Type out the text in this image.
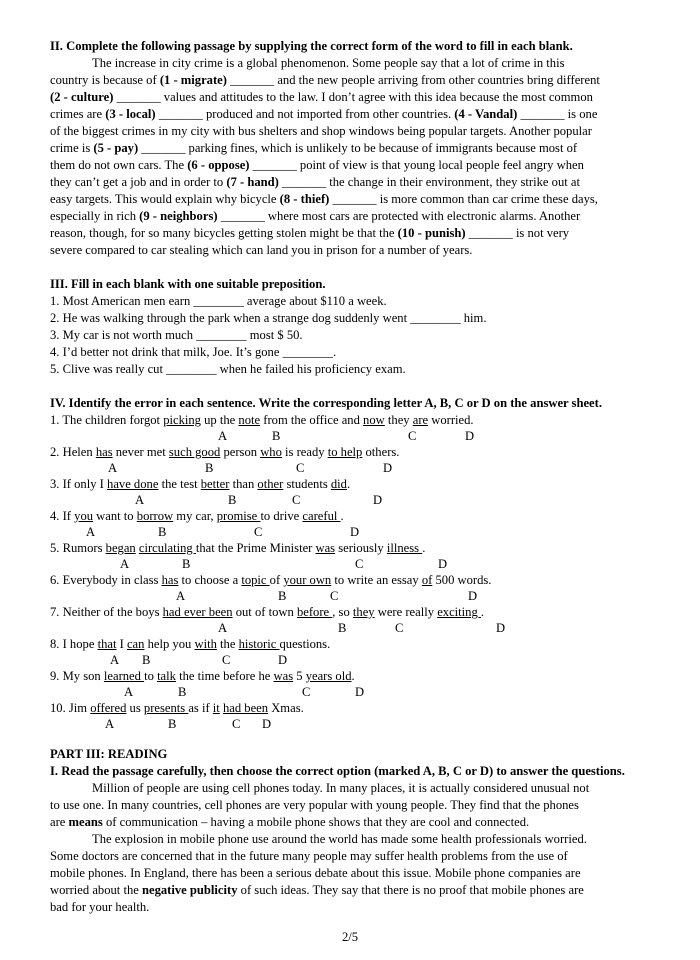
II. Complete the following passage by supplying the correct form of the word to fill in each blank.

The increase in city crime is a global phenomenon. Some people say that a lot of crime in this

country is because of (1 - migrate) _______ and the new people arriving from other countries bring different

(2 - culture) _______ values and attitudes to the law. I don’t agree with this idea because the most common

crimes are (3 - local) _______ produced and not imported from other countries. (4 - Vandal) _______ is one

of the biggest crimes in my city with bus shelters and shop windows being popular targets. Another popular

crime is (5 - pay) _______ parking fines, which is unlikely to be because of immigrants because most of

them do not own cars. The (6 - oppose) _______ point of view is that young local people feel angry when

they can’t get a job and in order to (7 - hand) _______ the change in their environment, they strike out at

easy targets. This would explain why bicycle (8 - thief) _______ is more common than car crime these days,

especially in rich (9 - neighbors) _______ where most cars are protected with electronic alarms. Another

reason, though, for so many bicycles getting stolen might be that the (10 - punish) _______ is not very

severe compared to car stealing which can land you in prison for a number of years.

III. Fill in each blank with one suitable preposition.

1. Most American men earn ________ average about $110 a week.

2. He was walking through the park when a strange dog suddenly went ________ him.

3. My car is not worth much ________ most $ 50.

4. I’d better not drink that milk, Joe. It’s gone ________.

5. Clive was really cut ________ when he failed his proficiency exam.

IV. Identify the error in each sentence. Write the corresponding letter A, B, C or D on the answer sheet.

1. The children forgot picking up the note from the office and now they are worried.

A	B	C	D

2. Helen has never met such good person who is ready to help others.

A	B	C	D

3. If only I have done the test better than other students did.

A	B	C	D

4. If you want to borrow my car, promise to drive careful .

A	B	C	D

5. Rumors began circulating that the Prime Minister was seriously illness .

A	B	C	D

6. Everybody in class has to choose a topic of your own to write an essay of 500 words.

A	B	C	D

7. Neither of the boys had ever been out of town before , so they were really exciting .

A	B	C	D

8. I hope that I can help you with the historic questions.

A B	C	D

9. My son learned to talk the time before he was 5 years old.

A	B	C	D

10. Jim offered us presents as if it had been Xmas.

A	B	C D

PART III: READING

I. Read the passage carefully, then choose the correct option (marked A, B, C or D) to answer the questions.

Million of people are using cell phones today. In many places, it is actually considered unusual not

to use one. In many countries, cell phones are very popular with young people. They find that the phones

are means of communication – having a mobile phone shows that they are cool and connected.

The explosion in mobile phone use around the world has made some health professionals worried.

Some doctors are concerned that in the future many people may suffer health problems from the use of

mobile phones. In England, there has been a serious debate about this issue. Mobile phone companies are

worried about the negative publicity of such ideas. They say that there is no proof that mobile phones are

bad for your health.

2/5
